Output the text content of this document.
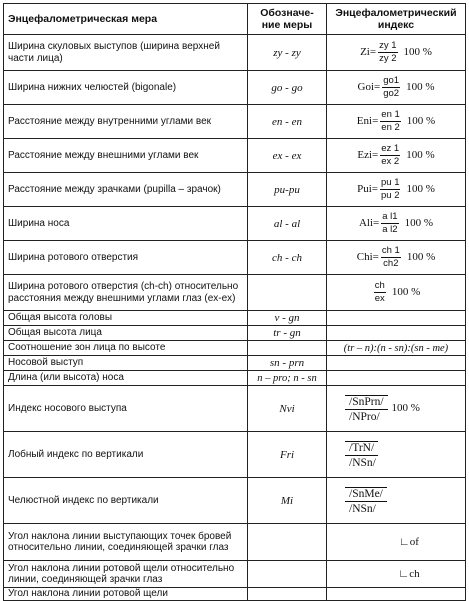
Энцефалометрическая мера	Обозначе-
ние меры	Энцефалометрический
индекс
Ширина скуловых выступов (ширина верхней части лица)	zy - zy	$Zi= \frac{zy 1}{zy 2} 100$ %
Ширина нижних челюстей (bigonale)	go - go	$Goi= \frac{go1}{go2} 100$ %
Расстояние между внутренними углами век	en - en	$Eni= \frac{en 1}{en 2} 100$ %
Расстояние между внешними углами век	ex - ex	$Ezi= \frac{ez 1}{ex 2} 100$ %
Расстояние между зрачками (pupilla – зрачок)	pu-pu	$Pui= \frac{pu 1}{pu 2} 100$ %
Ширина носа	al - al	$Ali= \frac{\text{a l1}}{\text{a l2}} 100$ %
Ширина ротового отверстия	ch - ch	$Chi= \frac{ch 1}{ch2} 100$ %
Ширина ротового отверстия (ch-ch) относительно расстояния между внешними углами глаз (ex-ex)		$\frac{ch}{ex} 100$ %
Общая высота головы	v - gn	
Общая высота лица	tr - gn	
Соотношение зон лица по высоте		(tr – n):(n - sn):(sn - me)
Носовой выступ	sn - prn	
Длина (или высота) носа	n – pro; n - sn	
Индекс носового выступа	Nvi	/SnPrn/
/NPro/
100 %
Лобный индекс по вертикали	Fri	/TrN/
/NSn/

Челюстной индекс по вертикали	Mi	/SnMe/
/NSn/

Угол наклона линии выступающих точек бровей относительно линии, соединяющей зрачки глаз		∟of
Угол наклона линии ротовой щели относительно линии, соединяющей зрачки глаз		∟ch
Угол наклона линии ротовой щели		
